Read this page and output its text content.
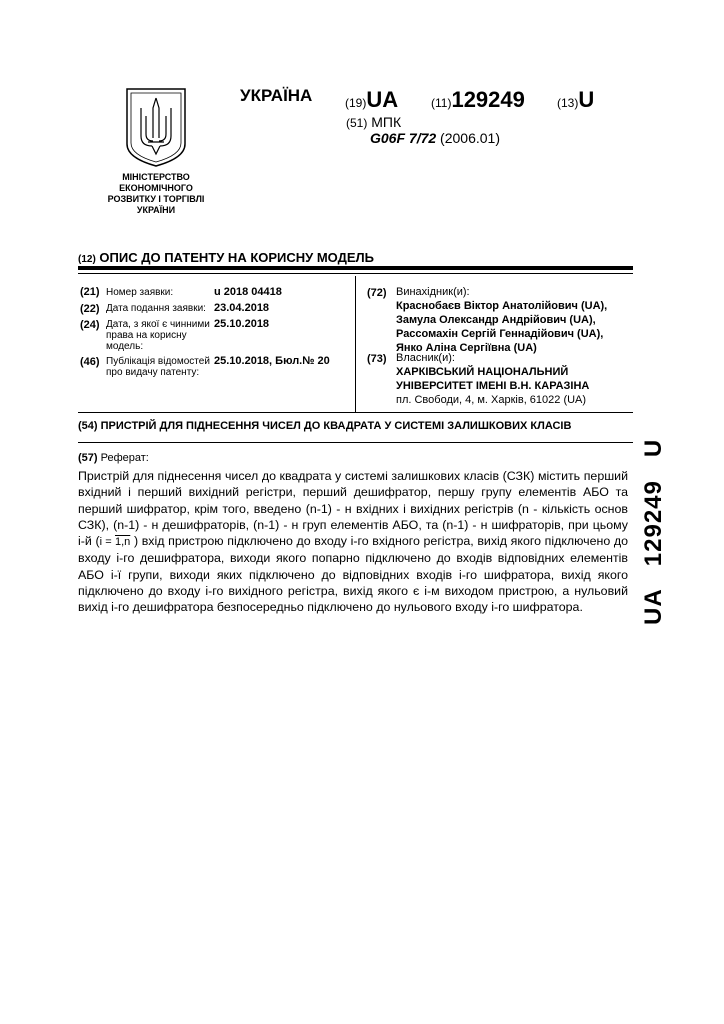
МІНІСТЕРСТВО
ЕКОНОМІЧНОГО
РОЗВИТКУ І ТОРГІВЛІ
УКРАЇНИ
УКРАЇНА	(19)UA	(11)129249	(13)U
(51) МПК
G06F 7/72 (2006.01)
(12) ОПИС ДО ПАТЕНТУ НА КОРИСНУ МОДЕЛЬ
(21) Номер заявки:	u 2018 04418
(22) Дата подання заявки: 23.04.2018
(24) Дата, з якої є чинними права на корисну модель:
25.10.2018
(46) Публікація відомостей про видачу патенту:
25.10.2018, Бюл.№ 20
(72) Винахідник(и):
Краснобаєв Віктор Анатолійович (UA),
Замула Олександр Андрійович (UA),
Рассомахін Сергій Геннадійович (UA),
Янко Аліна Сергіївна (UA)
(73) Власник(и):
ХАРКІВСЬКИЙ НАЦІОНАЛЬНИЙ
УНІВЕРСИТЕТ ІМЕНІ В.Н. КАРАЗІНА
пл. Свободи, 4, м. Харків, 61022 (UA)
(54) ПРИСТРІЙ ДЛЯ ПІДНЕСЕННЯ ЧИСЕЛ ДО КВАДРАТА У СИСТЕМІ ЗАЛИШКОВИХ КЛАСІВ
(57) Реферат:
Пристрій для піднесення чисел до квадрата у системі залишкових класів (СЗК) містить перший вхідний і перший вихідний регістри, перший дешифратор, першу групу елементів АБО та перший шифратор, крім того, введено (n-1) - н вхідних і вихідних регістрів (n - кількість основ СЗК), (n-1) - н дешифраторів, (n-1) - н груп елементів АБО, та (n-1) - н шифраторів, при цьому i-й (i = 1,n ) вхід пристрою підключено до входу i-го вхідного регістра, вихід якого підключено до входу i-го дешифратора, виходи якого попарно підключено до входів відповідних елементів АБО i-ї групи, виходи яких підключено до відповідних входів i-го шифратора, вихід якого підключено до входу i-го вихідного регістра, вихід якого є i-м виходом пристрою, а нульовий вихід i-го дешифратора безпосередньо підключено до нульового входу i-го шифратора.	UA   129249   U
